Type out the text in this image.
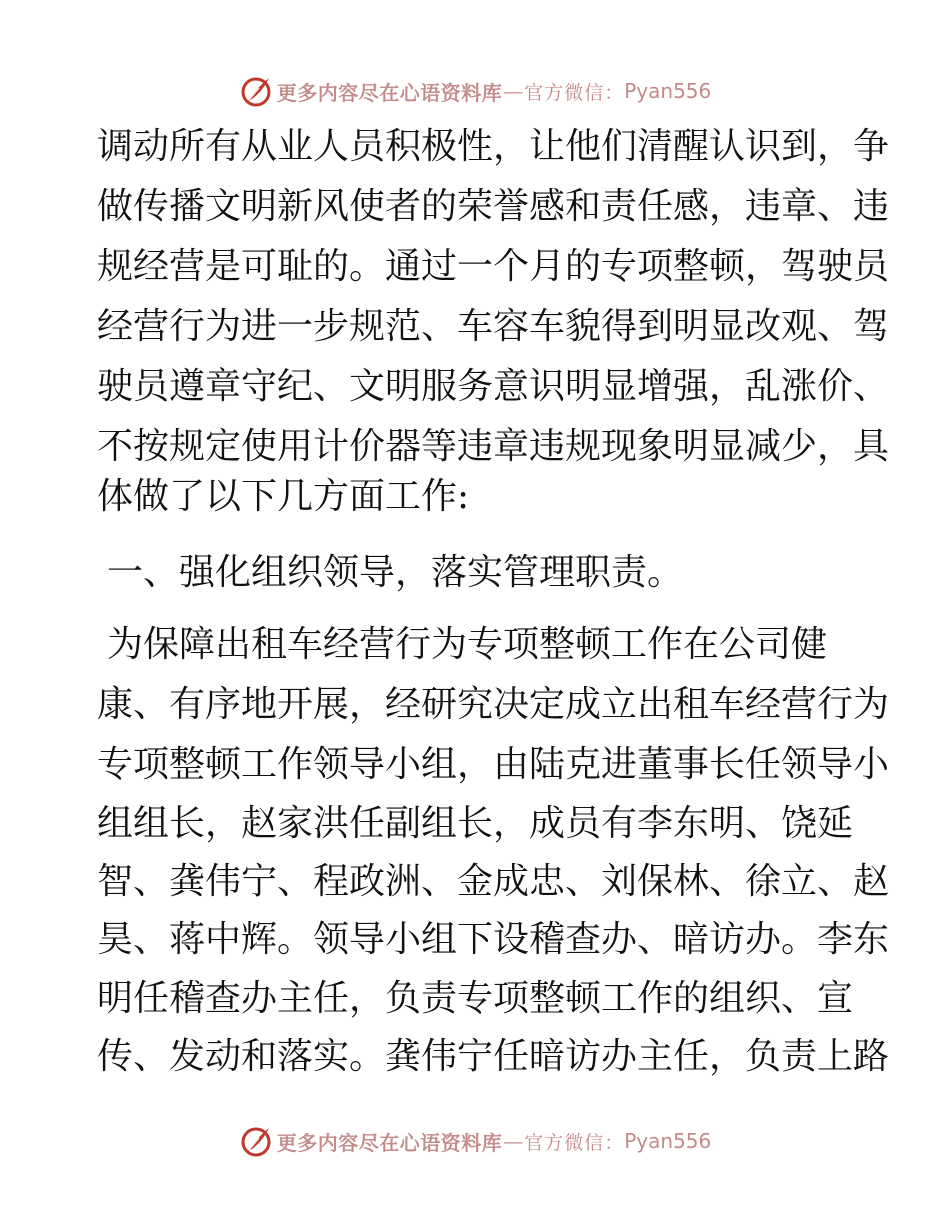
更多内容尽在心语资料库 — 官方微信： Pyan556
调动所有从业人员积极性，让他们清醒认识到，争
做传播文明新风使者的荣誉感和责任感，违章、违
规经营是可耻的。通过一个月的专项整顿，驾驶员
经营行为进一步规范、车容车貌得到明显改观、驾
驶员遵章守纪、文明服务意识明显增强，乱涨价、
不按规定使用计价器等违章违规现象明显减少，具
体做了以下几方面工作:
一、强化组织领导，落实管理职责。
为保障出租车经营行为专项整顿工作在公司健
康、有序地开展，经研究决定成立出租车经营行为
专项整顿工作领导小组，由陆克进董事长任领导小
组组长，赵家洪任副组长，成员有李东明、饶延
智、龚伟宁、程政洲、金成忠、刘保林、徐立、赵
昊、蒋中辉。领导小组下设稽查办、暗访办。李东
明任稽查办主任，负责专项整顿工作的组织、宣
传、发动和落实。龚伟宁任暗访办主任，负责上路
更多内容尽在心语资料库 — 官方微信： Pyan556
